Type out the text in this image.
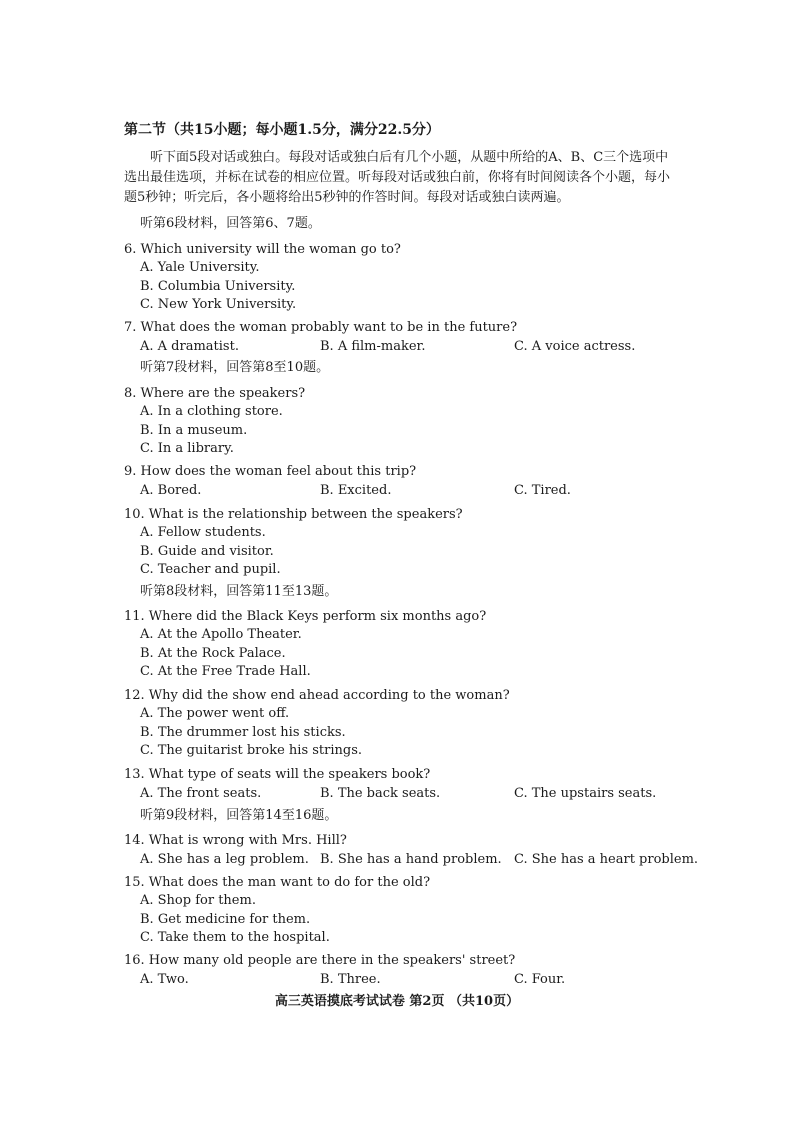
第二节（共15小题；每小题1.5分，满分22.5分）
听下面5段对话或独白。每段对话或独白后有几个小题，从题中所给的A、B、C三个选项中选出最佳选项，并标在试卷的相应位置。听每段对话或独白前，你将有时间阅读各个小题，每小题5秒钟；听完后，各小题将给出5秒钟的作答时间。每段对话或独白读两遍。
听第6段材料，回答第6、7题。
6. Which university will the woman go to?
A. Yale University.
B. Columbia University.
C. New York University.
7. What does the woman probably want to be in the future?
A. A dramatist.	B. A film-maker.	C. A voice actress.
听第7段材料，回答第8至10题。
8. Where are the speakers?
A. In a clothing store.
B. In a museum.
C. In a library.
9. How does the woman feel about this trip?
A. Bored.	B. Excited.	C. Tired.
10. What is the relationship between the speakers?
A. Fellow students.
B. Guide and visitor.
C. Teacher and pupil.
听第8段材料，回答第11至13题。
11. Where did the Black Keys perform six months ago?
A. At the Apollo Theater.
B. At the Rock Palace.
C. At the Free Trade Hall.
12. Why did the show end ahead according to the woman?
A. The power went off.
B. The drummer lost his sticks.
C. The guitarist broke his strings.
13. What type of seats will the speakers book?
A. The front seats.	B. The back seats.	C. The upstairs seats.
听第9段材料，回答第14至16题。
14. What is wrong with Mrs. Hill?
A. She has a leg problem. B. She has a hand problem. C. She has a heart problem.
15. What does the man want to do for the old?
A. Shop for them.
B. Get medicine for them.
C. Take them to the hospital.
16. How many old people are there in the speakers' street?
A. Two.	B. Three.	C. Four.
高三英语摸底考试试卷 第2页 （共10页）
